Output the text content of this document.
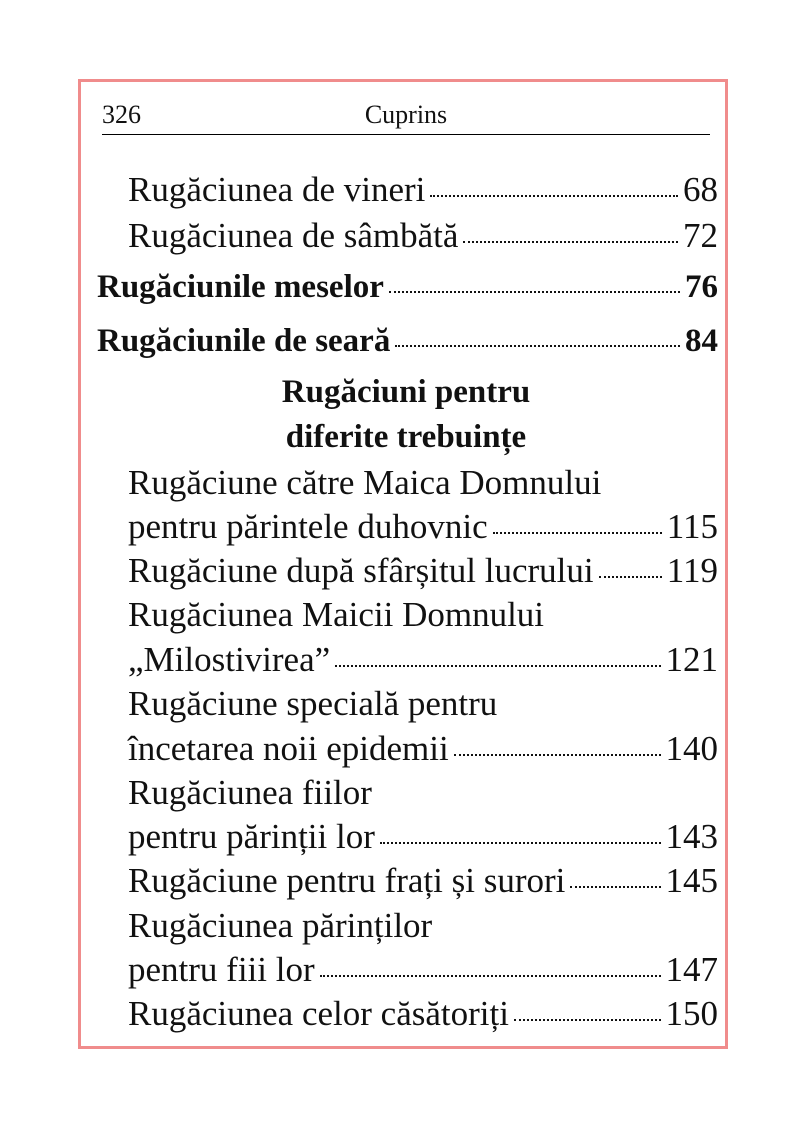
326	Cuprins
Rugăciunea de vineri	68
Rugăciunea de sâmbătă	72
Rugăciunile meselor	76
Rugăciunile de seară	84
Rugăciuni pentru
diferite trebuințe
Rugăciune către Maica Domnului
pentru părintele duhovnic	115
Rugăciune după sfârșitul lucrului 119
Rugăciunea Maicii Domnului
„Milostivirea”	121
Rugăciune specială pentru
încetarea noii epidemii	140
Rugăciunea fiilor
pentru părinții lor	143
Rugăciune pentru frați și surori	145
Rugăciunea părinților
pentru fiii lor	147
Rugăciunea celor căsătoriți	150
